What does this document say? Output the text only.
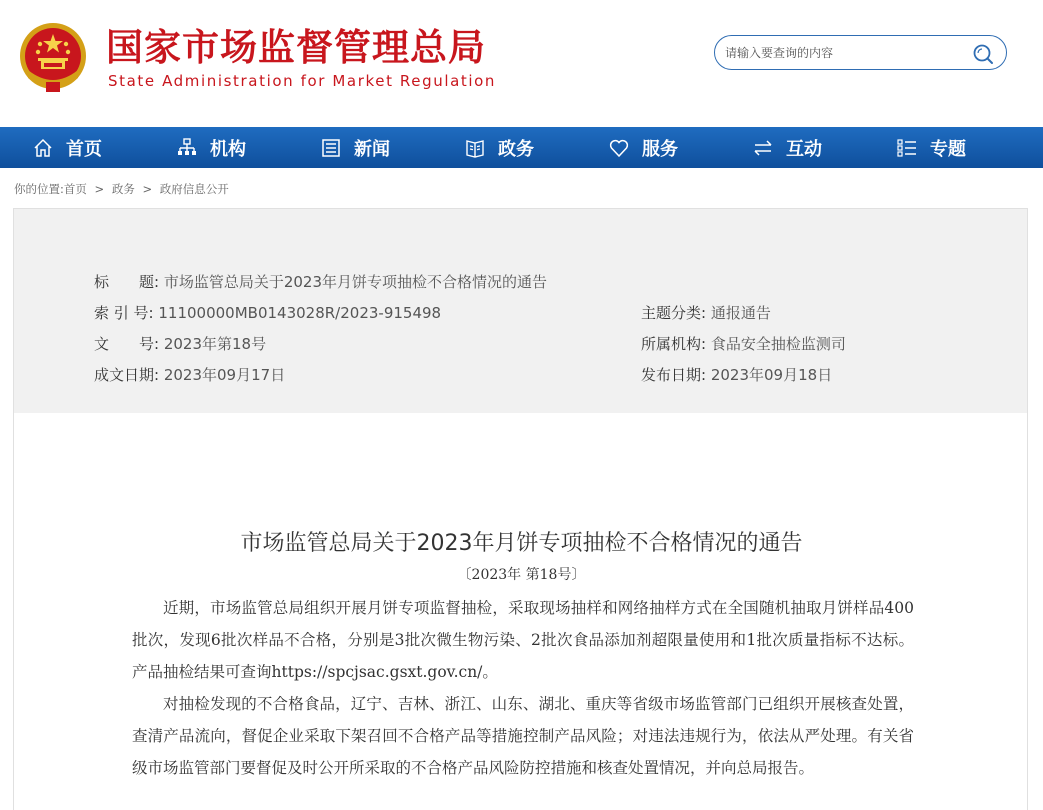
国家市场监督管理总局
State Administration for Market Regulation
请输入要查询的内容
首页	机构	新闻	政务	服务	互动	专题
你的位置:首页 > 政务 > 政府信息公开
标　　题: 市场监管总局关于2023年月饼专项抽检不合格情况的通告
索 引 号: 11100000MB0143028R/2023-915498	主题分类: 通报通告
文　　号: 2023年第18号	所属机构: 食品安全抽检监测司
成文日期: 2023年09月17日	发布日期: 2023年09月18日
市场监管总局关于2023年月饼专项抽检不合格情况的通告
〔2023年 第18号〕

近期，市场监管总局组织开展月饼专项监督抽检，采取现场抽样和网络抽样方式在全国随机抽取月饼样品400批次，发现6批次样品不合格，分别是3批次微生物污染、2批次食品添加剂超限量使用和1批次质量指标不达标。产品抽检结果可查询https://spcjsac.gsxt.gov.cn/。

对抽检发现的不合格食品，辽宁、吉林、浙江、山东、湖北、重庆等省级市场监管部门已组织开展核查处置，查清产品流向，督促企业采取下架召回不合格产品等措施控制产品风险；对违法违规行为，依法从严处理。有关省级市场监管部门要督促及时公开所采取的不合格产品风险防控措施和核查处置情况，并向总局报告。
